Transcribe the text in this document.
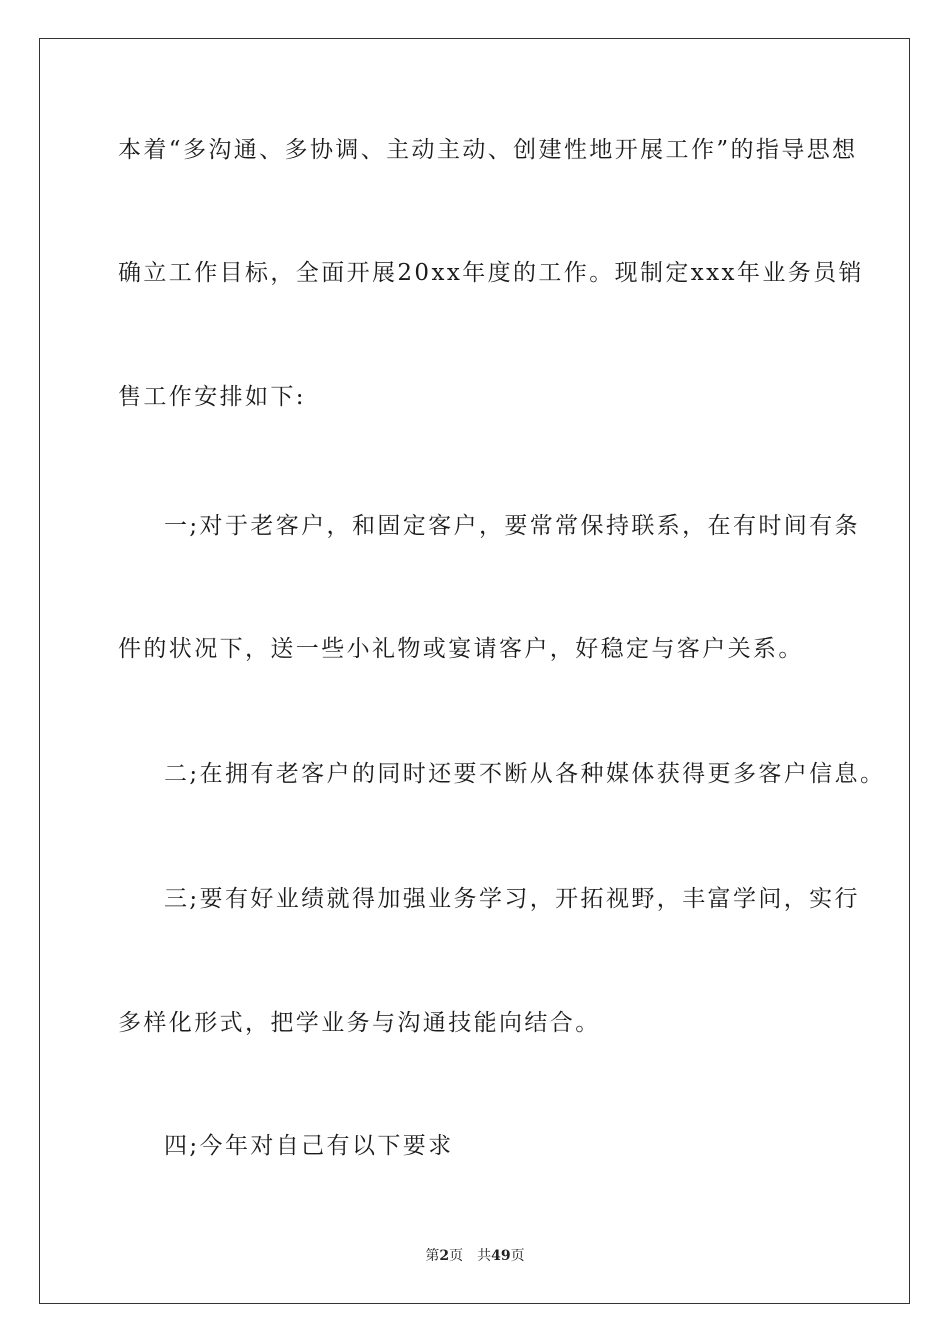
本着“多沟通、多协调、主动主动、创建性地开展工作”的指导思想
确立工作目标，全面开展20xx年度的工作。现制定xxx年业务员销
售工作安排如下:
一;对于老客户，和固定客户，要常常保持联系，在有时间有条
件的状况下，送一些小礼物或宴请客户，好稳定与客户关系。
二;在拥有老客户的同时还要不断从各种媒体获得更多客户信息。
三;要有好业绩就得加强业务学习，开拓视野，丰富学问，实行
多样化形式，把学业务与沟通技能向结合。
四;今年对自己有以下要求
第2页 共49页
